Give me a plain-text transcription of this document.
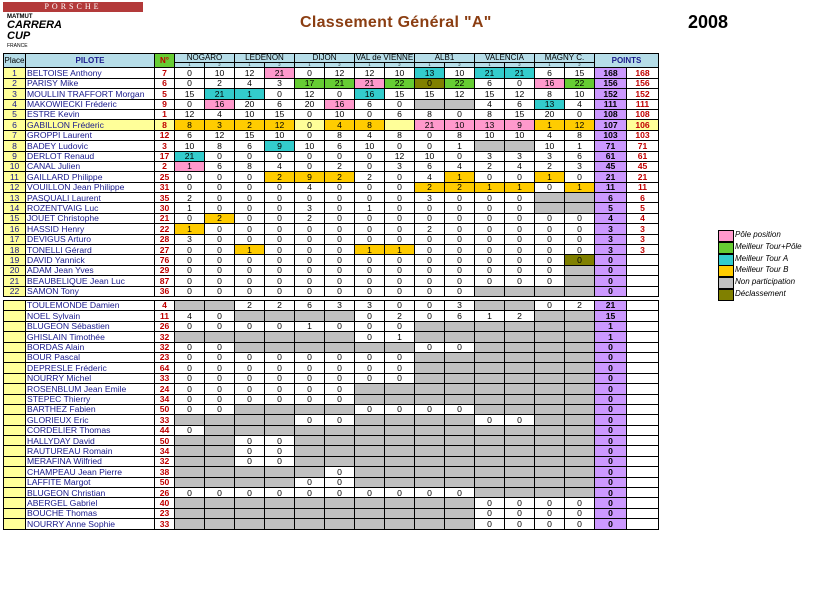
PORSCHE
MATMUT
CARRERA
CUP
FRANCE
Classement Général "A"	2008
Place	PILOTE	N°	NOGARO		LEDENON		DIJON		VAL de VIENNE		ALB1		VALENCIA		MAGNY C.		POINTS	
			1	2	1	2	1	2	1	2	1	2	1	2	1	2		
1	BELTOISE Anthony	7	0	10	12	21	0	12	12	10	13	10	21	21	6	15	168	168
2	PARISY Mike	6	0	2	4	3	17	21	21	22	0	22	6	0	16	22	156	156
3	MOULLIN TRAFFORT Morgan	5	15	21	1	0	12	0	16	15	15	12	15	12	8	10	152	152
4	MAKOWIECKI Fréderic	9	0	16	20	6	20	16	6	0			4	6	13	4	111	111
5	ESTRE Kevin	1	12	4	10	15	0	10	0	6	8	0	8	15	20	0	108	108
6	GABILLON Fréderic	8	8	3	2	12	0	4	8		21	10	13	9	1	12	107	106
7	GROPPI Laurent	12	6	12	15	10	0	8	4	8	0	8	10	10	4	8	103	103
8	BADEY Ludovic	3	10	8	6	9	10	6	10	0	0	1			10	1	71	71
9	DERLOT Renaud	17	21	0	0	0	0	0	0	12	10	0	3	3	3	6	61	61
10	CANAL Julien	2	1	6	8	4	0	2	0	3	6	4	2	4	2	3	45	45
11	GAILLARD Philippe	25	0	0	0	2	9	2	2	0	4	1	0	0	1	0	21	21
12	VOUILLON Jean Philippe	31	0	0	0	0	4	0	0	0	2	2	1	1	0	1	11	11
13	PASQUALI Laurent	35	2	0	0	0	0	0	0	0	3	0	0	0			6	6
14	ROZENTVAIG Luc	30	1	0	0	0	3	0	1	0	0	0	0	0			5	5
15	JOUET Christophe	21	0	2	0	0	2	0	0	0	0	0	0	0	0	0	4	4
16	HASSID Henry	22	1	0	0	0	0	0	0	0	2	0	0	0	0	0	3	3
17	DEVIGUS Arturo	28	3	0	0	0	0	0	0	0	0	0	0	0	0	0	3	3
18	TONELLI Gérard	27	0	0	1	0	0	0	1	1	0	0	0	0	0	0	3	3
19	DAVID Yannick	76	0	0	0	0	0	0	0	0	0	0	0	0	0	0	0	
20	ADAM Jean Yves	29	0	0	0	0	0	0	0	0	0	0	0	0	0		0	
21	BEAUBELIQUE Jean Luc	87	0	0	0	0	0	0	0	0	0	0	0	0	0		0	
22	SAMON Tony	36	0	0	0	0	0	0	0	0	0	0					0	

	TOULEMONDE Damien	4			2	2	6	3	3	0	0	3			0	2	21	
	NOEL Sylvain	11	4	0					0	2	0	6	1	2			15	
	BLUGEON Sébastien	26	0	0	0	0	1	0	0	0							1	
	GHISLAIN Timothée	32							0	1							1	
	BORDAS Alain	32	0	0							0	0					0	
	BOUR Pascal	23	0	0	0	0	0	0	0	0							0	
	DEPRESLE Fréderic	64	0	0	0	0	0	0	0	0							0	
	NOURRY Michel	33	0	0	0	0	0	0	0	0							0	
	ROSENBLUM Jean Emile	24	0	0	0	0	0	0									0	
	STEPEC Thierry	34	0	0	0	0	0	0									0	
	BARTHEZ Fabien	50	0	0					0	0	0	0					0	
	GLORIEUX Eric	33					0	0					0	0			0	
	CORDELIER Thomas	44	0														0	
	HALLYDAY David	50			0	0											0	
	RAUTUREAU Romain	34			0	0											0	
	MERAFINA Wilfried	32			0	0											0	
	CHAMPEAU Jean Pierre	38						0									0	
	LAFFITE Margot	50					0	0									0	
	BLUGEON Christian	26	0	0	0	0	0	0	0	0	0	0					0	
	ABERGEL Gabriel	40											0	0	0	0	0	
	BOUCHE Thomas	23											0	0	0	0	0	
	NOURRY Anne Sophie	33											0	0	0	0	0	
Pôle position
Meilleur Tour+Pôle
Meilleur Tour A
Meilleur Tour B
Non participation
Déclassement
